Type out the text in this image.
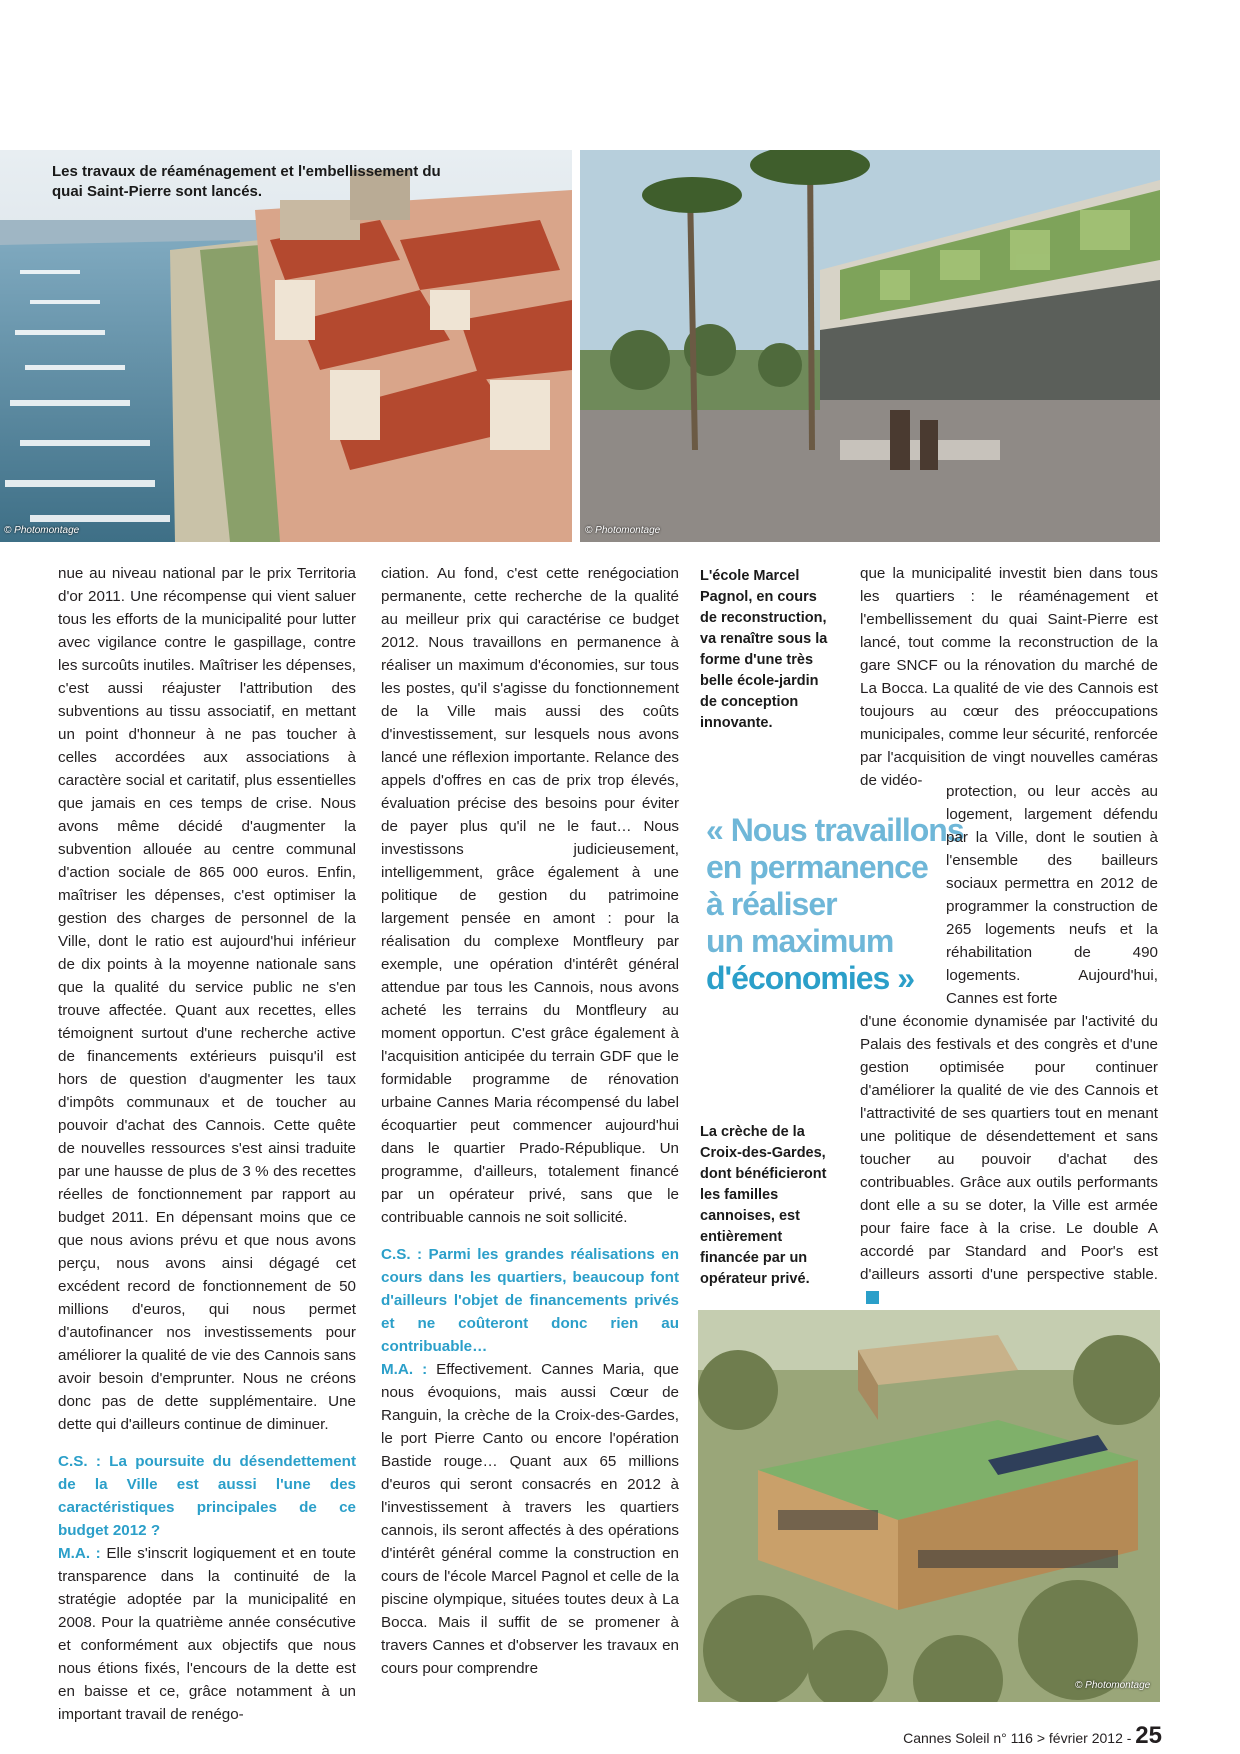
Les travaux de réaménagement et l'embellissement du quai Saint-Pierre sont lancés.
© Photomontage	© Photomontage

nue au niveau national par le prix Territoria d'or 2011. Une récompense qui vient saluer tous les efforts de la municipalité pour lutter avec vigilance contre le gaspillage, contre les surcoûts inutiles. Maîtriser les dépenses, c'est aussi réajuster l'attribution des subventions au tissu associatif, en mettant un point d'honneur à ne pas toucher à celles accordées aux associations à caractère social et caritatif, plus essentielles que jamais en ces temps de crise. Nous avons même décidé d'augmenter la subvention allouée au centre communal d'action sociale de 865 000 euros. Enfin, maîtriser les dépenses, c'est optimiser la gestion des charges de personnel de la Ville, dont le ratio est aujourd'hui inférieur de dix points à la moyenne nationale sans que la qualité du service public ne s'en trouve affectée. Quant aux recettes, elles témoignent surtout d'une recherche active de financements extérieurs puisqu'il est hors de question d'augmenter les taux d'impôts communaux et de toucher au pouvoir d'achat des Cannois. Cette quête de nouvelles ressources s'est ainsi traduite par une hausse de plus de 3 % des recettes réelles de fonctionnement par rapport au budget 2011. En dépensant moins que ce que nous avions prévu et que nous avons perçu, nous avons ainsi dégagé cet excédent record de fonctionnement de 50 millions d'euros, qui nous permet d'autofinancer nos investissements pour améliorer la qualité de vie des Cannois sans avoir besoin d'emprunter. Nous ne créons donc pas de dette supplémentaire. Une dette qui d'ailleurs continue de diminuer.

C.S. : La poursuite du désendettement de la Ville est aussi l'une des caractéristiques principales de ce budget 2012 ?

M.A. : Elle s'inscrit logiquement et en toute transparence dans la continuité de la stratégie adoptée par la municipalité en 2008. Pour la quatrième année consécutive et conformément aux objectifs que nous nous étions fixés, l'encours de la dette est en baisse et ce, grâce notamment à un important travail de renégo-

ciation. Au fond, c'est cette renégociation permanente, cette recherche de la qualité au meilleur prix qui caractérise ce budget 2012. Nous travaillons en permanence à réaliser un maximum d'économies, sur tous les postes, qu'il s'agisse du fonctionnement de la Ville mais aussi des coûts d'investissement, sur lesquels nous avons lancé une réflexion importante. Relance des appels d'offres en cas de prix trop élevés, évaluation précise des besoins pour éviter de payer plus qu'il ne le faut… Nous investissons judicieusement, intelligemment, grâce également à une politique de gestion du patrimoine largement pensée en amont : pour la réalisation du complexe Montfleury par exemple, une opération d'intérêt général attendue par tous les Cannois, nous avons acheté les terrains du Montfleury au moment opportun. C'est grâce également à l'acquisition anticipée du terrain GDF que le formidable programme de rénovation urbaine Cannes Maria récompensé du label écoquartier peut commencer aujourd'hui dans le quartier Prado-République. Un programme, d'ailleurs, totalement financé par un opérateur privé, sans que le contribuable cannois ne soit sollicité.

C.S. : Parmi les grandes réalisations en cours dans les quartiers, beaucoup font d'ailleurs l'objet de financements privés et ne coûteront donc rien au contribuable…

M.A. : Effectivement. Cannes Maria, que nous évoquions, mais aussi Cœur de Ranguin, la crèche de la Croix-des-Gardes, le port Pierre Canto ou encore l'opération Bastide rouge… Quant aux 65 millions d'euros qui seront consacrés en 2012 à l'investissement à travers les quartiers cannois, ils seront affectés à des opérations d'intérêt général comme la construction en cours de l'école Marcel Pagnol et celle de la piscine olympique, situées toutes deux à La Bocca. Mais il suffit de se promener à travers Cannes et d'observer les travaux en cours pour comprendre

L'école Marcel Pagnol, en cours de reconstruction, va renaître sous la forme d'une très belle école-jardin de conception innovante.
« Nous travaillons
en permanence
à réaliser
un maximum
d'économies »
La crèche de la Croix-des-Gardes, dont bénéficieront les familles cannoises, est entièrement financée par un opérateur privé.

que la municipalité investit bien dans tous les quartiers : le réaménagement et l'embellissement du quai Saint-Pierre est lancé, tout comme la reconstruction de la gare SNCF ou la rénovation du marché de La Bocca. La qualité de vie des Cannois est toujours au cœur des préoccupations municipales, comme leur sécurité, renforcée par l'acquisition de vingt nouvelles caméras de vidéo-

protection, ou leur accès au logement, largement défendu par la Ville, dont le soutien à l'ensemble des bailleurs sociaux permettra en 2012 de programmer la construction de 265 logements neufs et la réhabilitation de 490 logements. Aujourd'hui, Cannes est forte

d'une économie dynamisée par l'activité du Palais des festivals et des congrès et d'une gestion optimisée pour continuer d'améliorer la qualité de vie des Cannois et l'attractivité de ses quartiers tout en menant une politique de désendettement et sans toucher au pouvoir d'achat des contribuables. Grâce aux outils performants dont elle a su se doter, la Ville est armée pour faire face à la crise. Le double A accordé par Standard and Poor's est d'ailleurs assorti d'une perspective stable.

© Photomontage
Cannes Soleil n° 116 > février 2012 - 25
